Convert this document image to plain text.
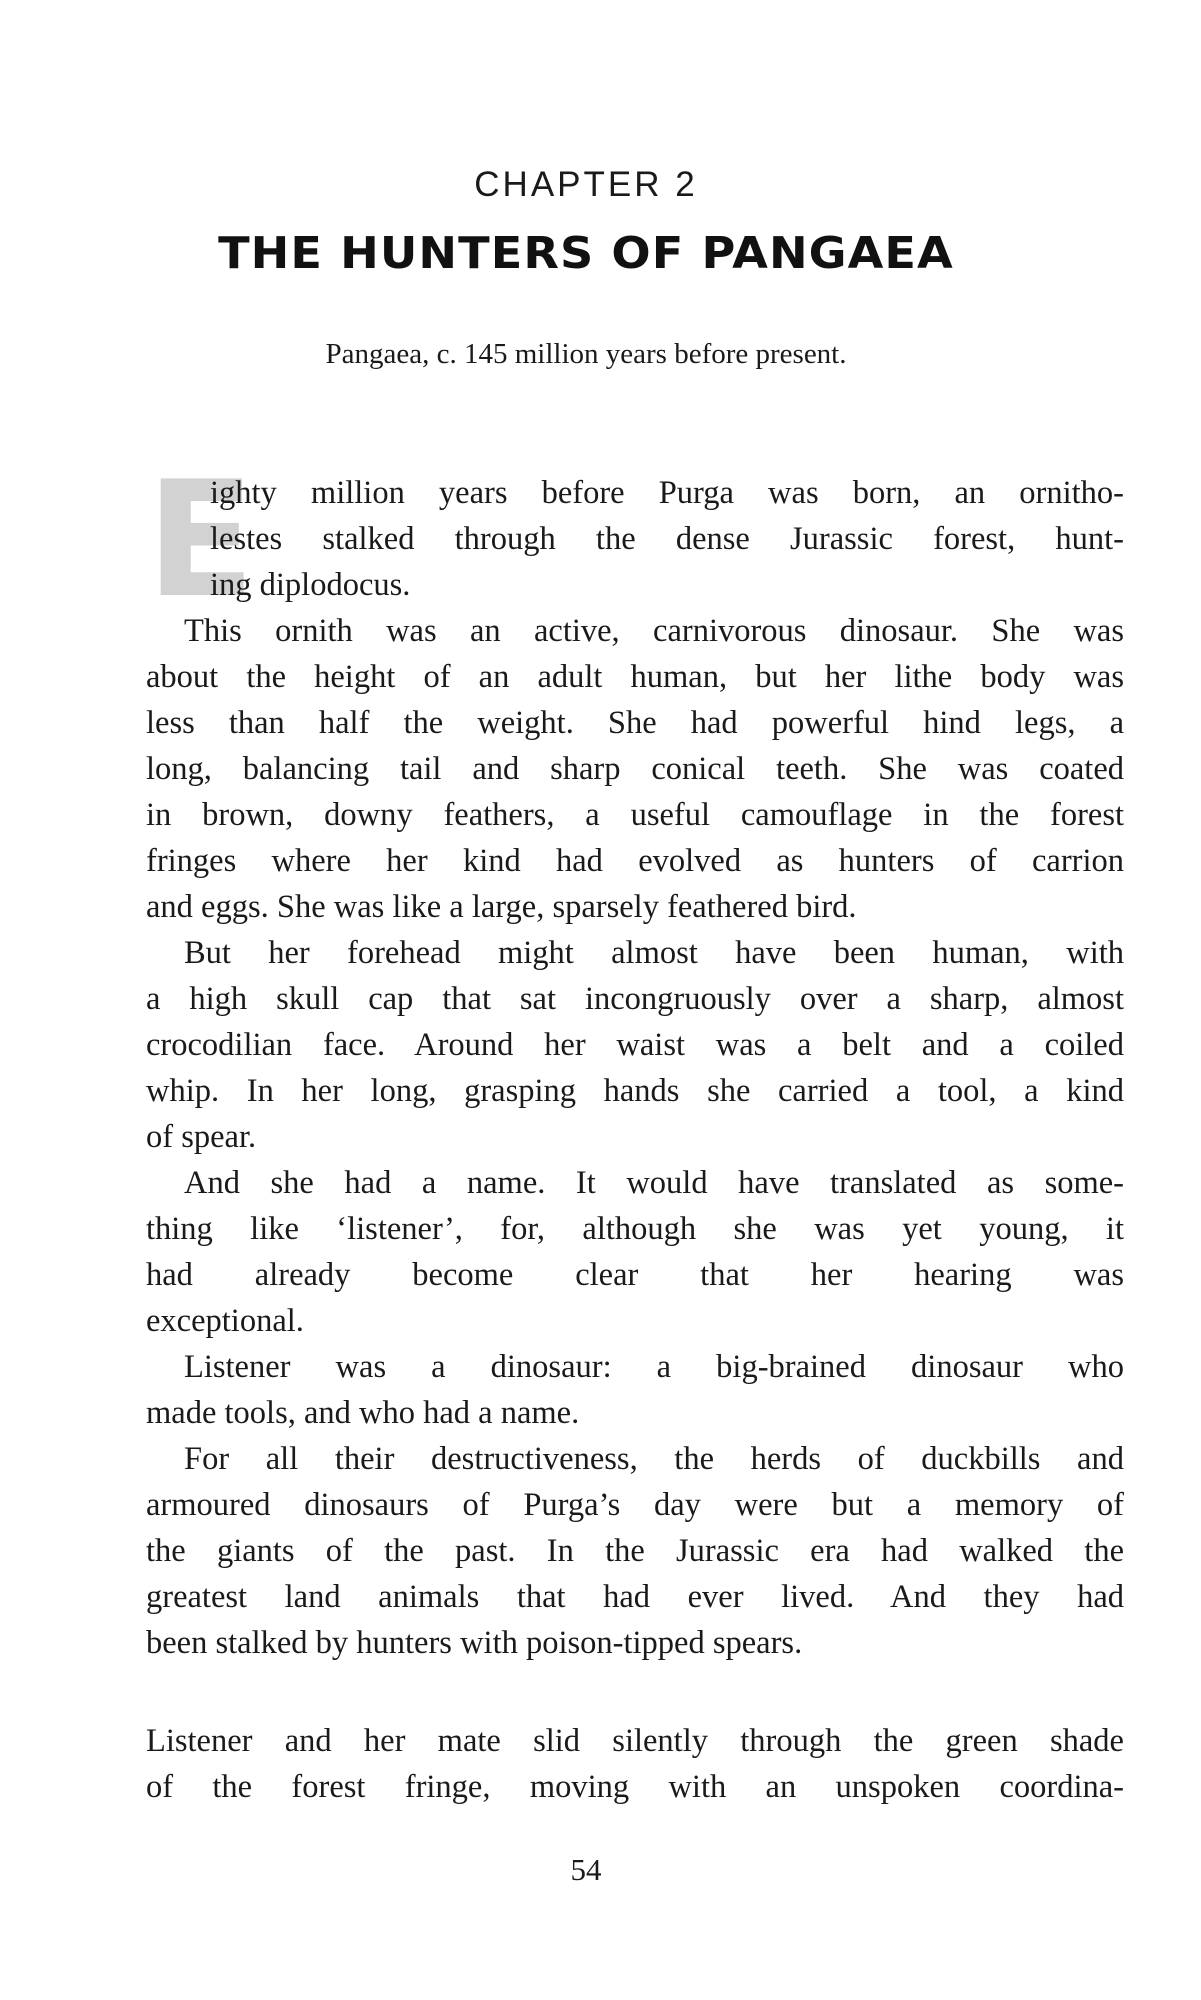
CHAPTER 2
THE HUNTERS OF PANGAEA
Pangaea, c. 145 million years before present.
E
ighty million years before Purga was born, an ornitho-
lestes stalked through the dense Jurassic forest, hunt-
ing diplodocus.
This ornith was an active, carnivorous dinosaur. She was
about the height of an adult human, but her lithe body was
less than half the weight. She had powerful hind legs, a
long, balancing tail and sharp conical teeth. She was coated
in brown, downy feathers, a useful camouflage in the forest
fringes where her kind had evolved as hunters of carrion
and eggs. She was like a large, sparsely feathered bird.
But her forehead might almost have been human, with
a high skull cap that sat incongruously over a sharp, almost
crocodilian face. Around her waist was a belt and a coiled
whip. In her long, grasping hands she carried a tool, a kind
of spear.
And she had a name. It would have translated as some-
thing like ‘listener’, for, although she was yet young, it
had already become clear that her hearing was
exceptional.
Listener was a dinosaur: a big-brained dinosaur who
made tools, and who had a name.
For all their destructiveness, the herds of duckbills and
armoured dinosaurs of Purga’s day were but a memory of
the giants of the past. In the Jurassic era had walked the
greatest land animals that had ever lived. And they had
been stalked by hunters with poison-tipped spears.
Listener and her mate slid silently through the green shade
of the forest fringe, moving with an unspoken coordina-
54
